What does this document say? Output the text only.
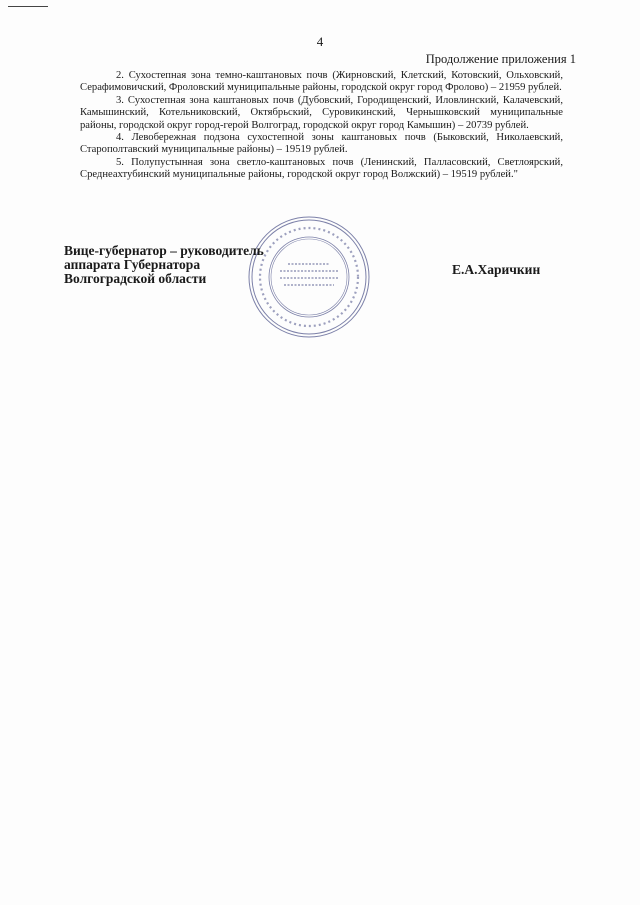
4
Продолжение приложения 1

2. Сухостепная зона темно-каштановых почв (Жирновский, Клетский, Котовский, Ольховский, Серафимовичский, Фроловский муниципальные районы, городской округ город Фролово) – 21959 рублей.

3. Сухостепная зона каштановых почв (Дубовский, Городищенский, Иловлинский, Калачевский, Камышинский, Котельниковский, Октябрьский, Суровикинский, Чернышковский муниципальные районы, городской округ город-герой Волгоград, городской округ город Камышин) – 20739 рублей.

4. Левобережная подзона сухостепной зоны каштановых почв (Быковский, Николаевский, Старополтавский муниципальные районы) – 19519 рублей.

5. Полупустынная зона светло-каштановых почв (Ленинский, Палласовский, Светлоярский, Среднеахтубинский муниципальные районы, городской округ город Волжский) – 19519 рублей."

Вице-губернатор – руководитель
аппарата Губернатора
Волгоградской области
Е.А.Харичкин
